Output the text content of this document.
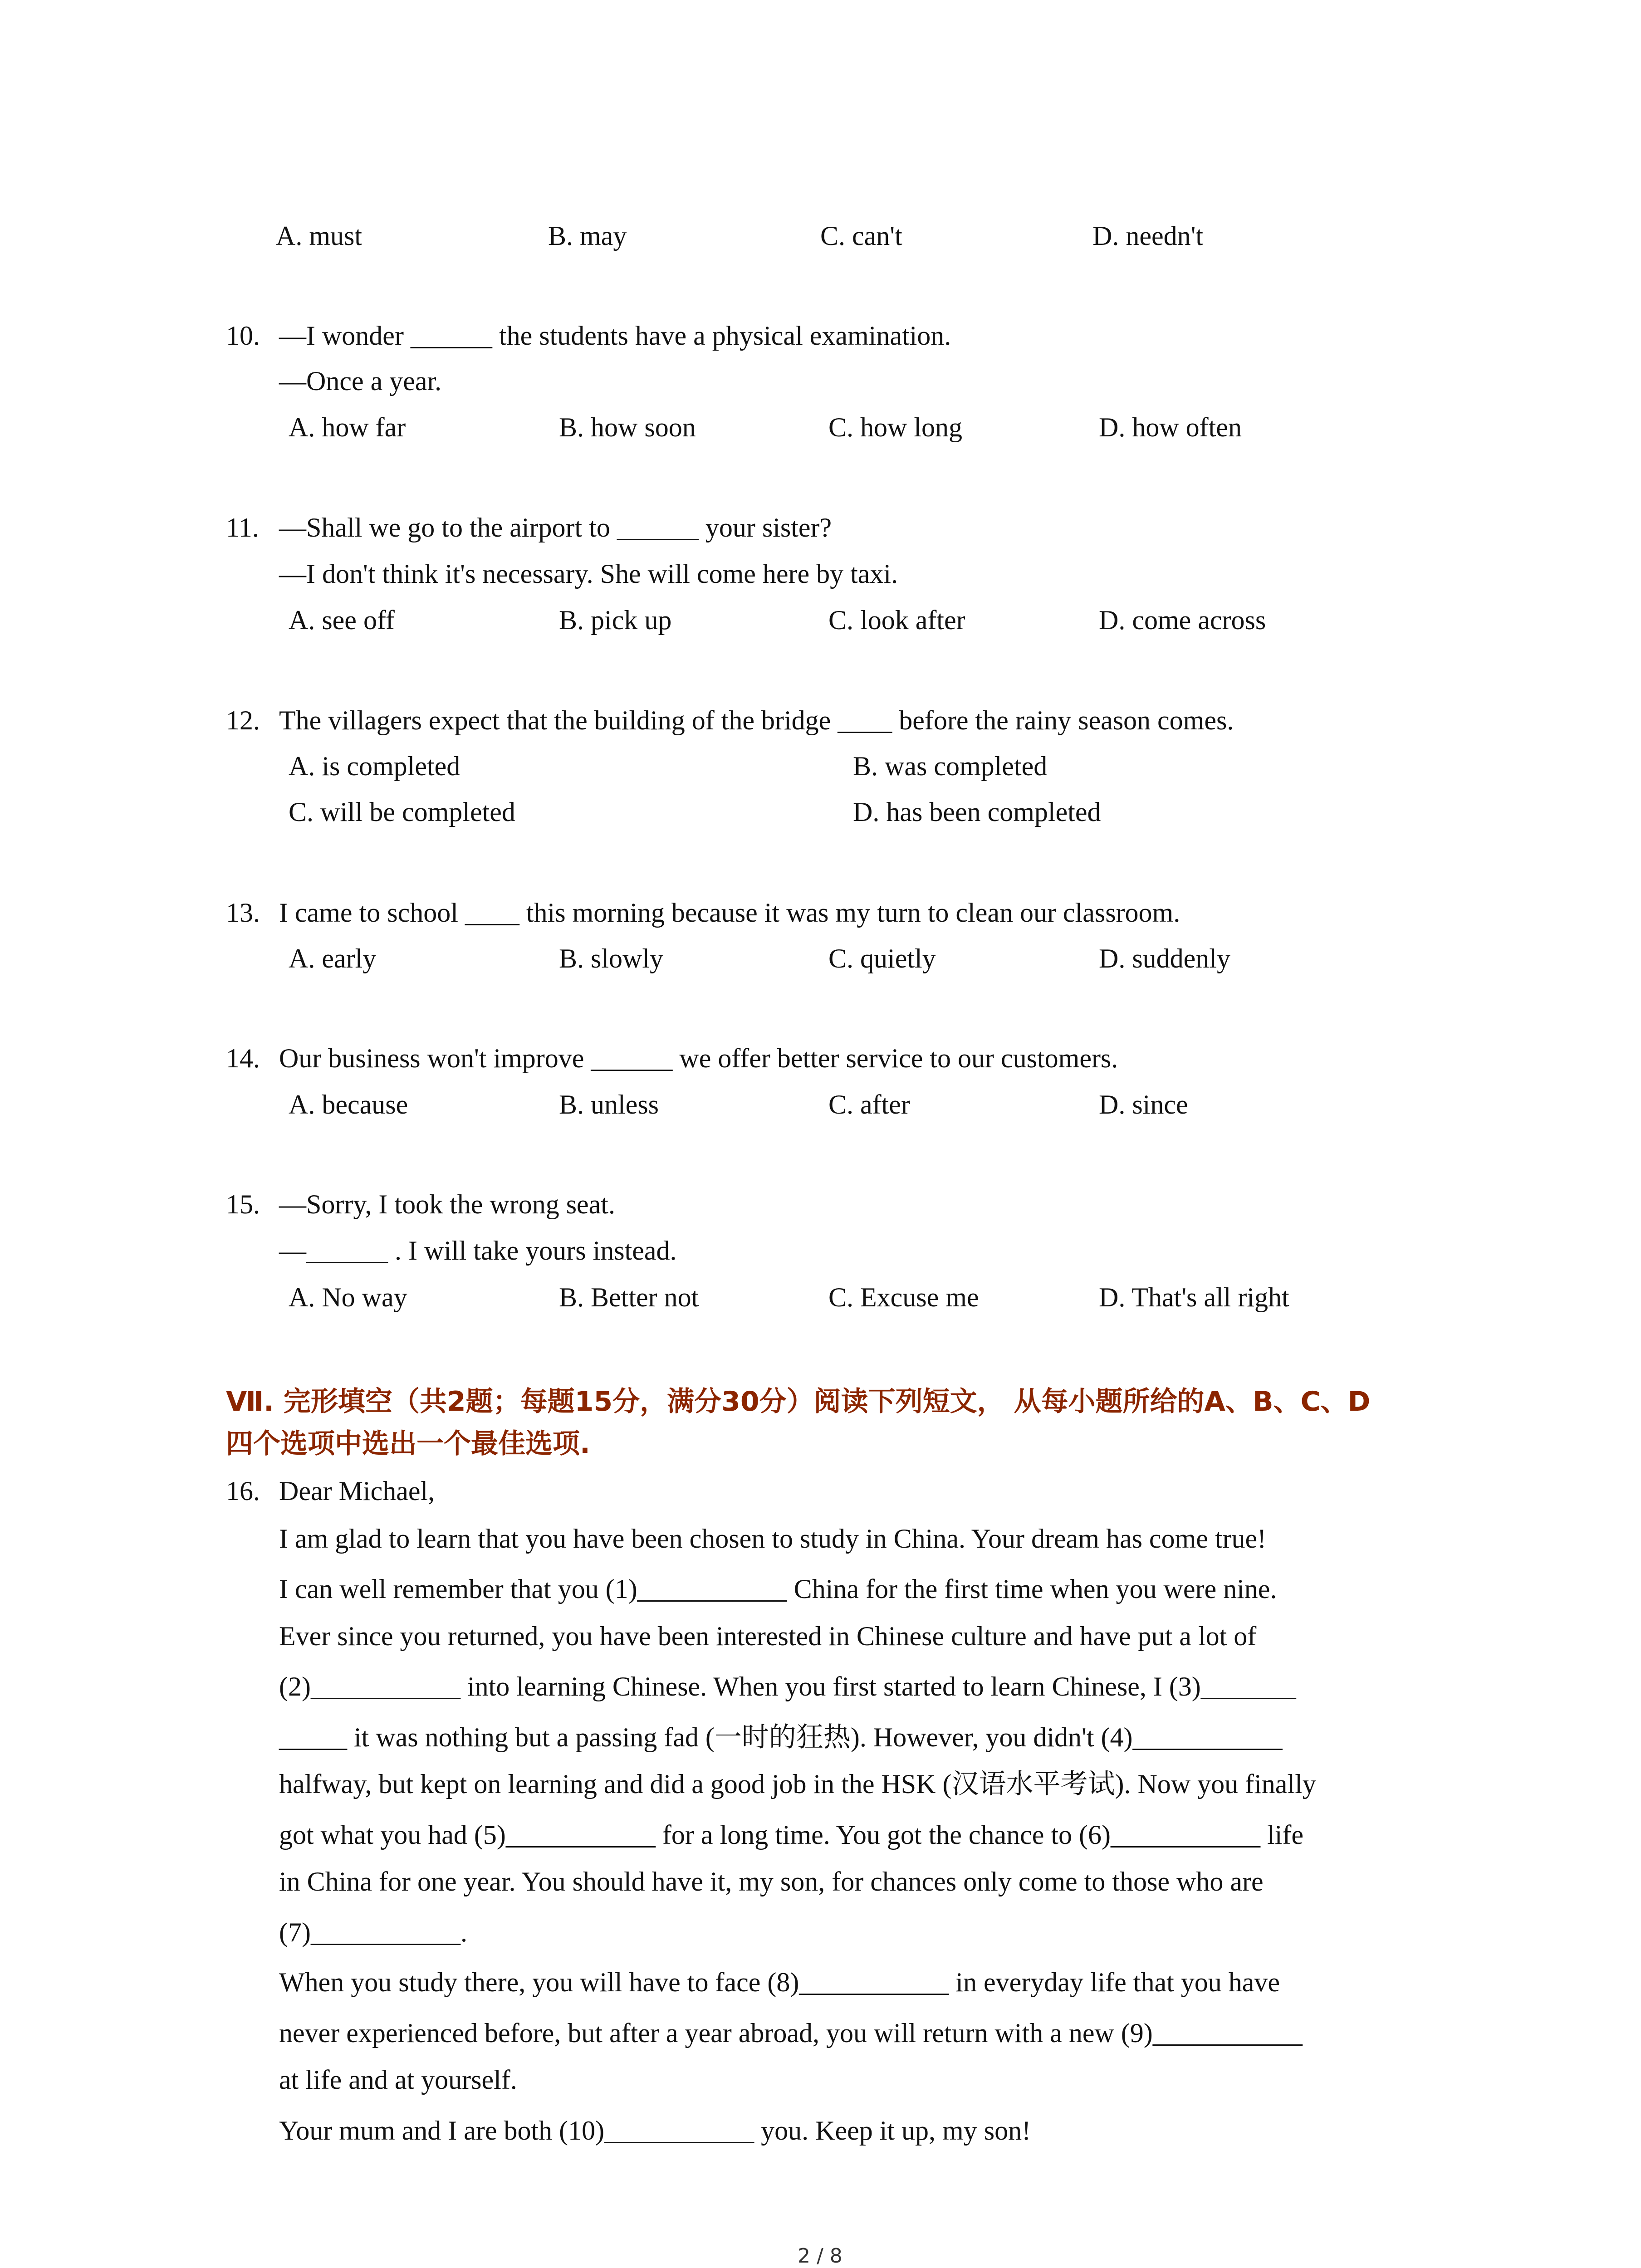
A. must	B. may	C. can't	D. needn't
10. —I wonder ______ the students have a physical examination.
—Once a year.
A. how far	B. how soon	C. how long	D. how often
11. —Shall we go to the airport to ______ your sister?
—I don't think it's necessary. She will come here by taxi.
A. see off	B. pick up	C. look after	D. come across
12. The villagers expect that the building of the bridge ____ before the rainy season comes.
A. is completed	B. was completed
C. will be completed	D. has been completed
13. I came to school ____ this morning because it was my turn to clean our classroom.
A. early	B. slowly	C. quietly	D. suddenly
14. Our business won't improve ______ we offer better service to our customers.
A. because	B. unless	C. after	D. since
15. —Sorry, I took the wrong seat.
—______ . I will take yours instead.
A. No way	B. Better not	C. Excuse me	D. That's all right
Ⅶ. 完形填空（共2题；每题15分，满分30分）阅读下列短文， 从每小题所给的A、B、C、D
四个选项中选出一个最佳选项.
16. Dear Michael,
I am glad to learn that you have been chosen to study in China. Your dream has come true!
I can well remember that you (1)___________ China for the first time when you were nine.
Ever since you returned, you have been interested in Chinese culture and have put a lot of
(2)___________ into learning Chinese. When you first started to learn Chinese, I (3)_______
_____ it was nothing but a passing fad (一时的狂热). However, you didn't (4)___________
halfway, but kept on learning and did a good job in the HSK (汉语水平考试). Now you finally
got what you had (5)___________ for a long time. You got the chance to (6)___________ life
in China for one year. You should have it, my son, for chances only come to those who are
(7)___________.
When you study there, you will have to face (8)___________ in everyday life that you have
never experienced before, but after a year abroad, you will return with a new (9)___________
at life and at yourself.
Your mum and I are both (10)___________ you. Keep it up, my son!
2 / 8
